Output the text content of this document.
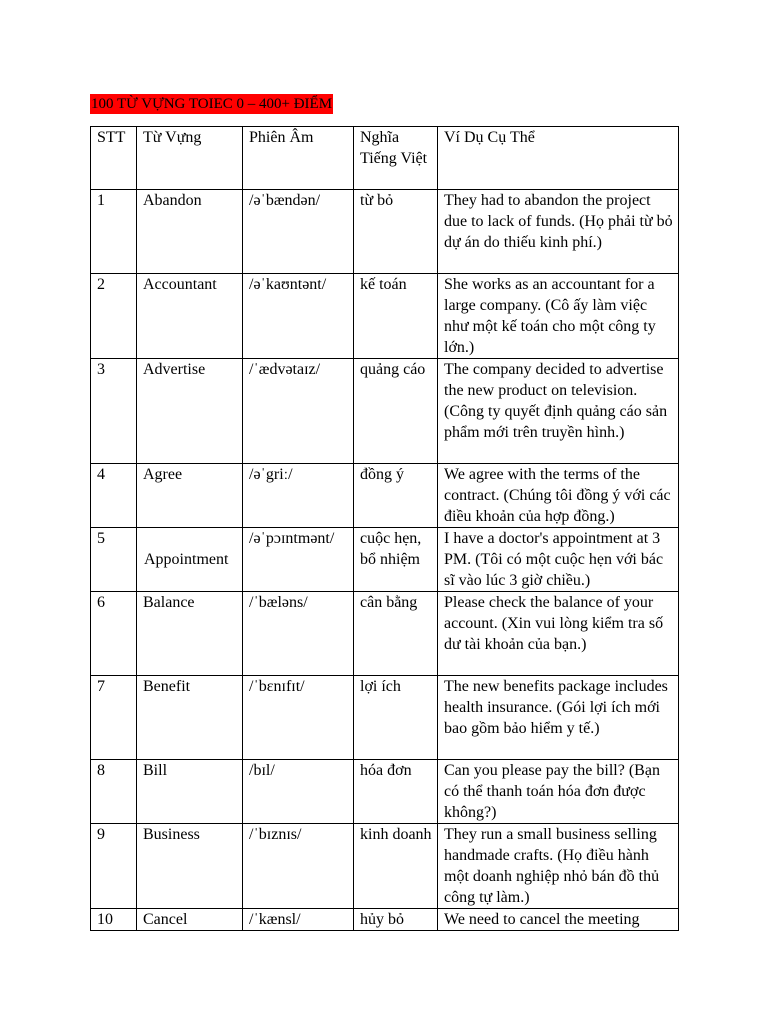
100 TỪ VỰNG TOIEC 0 – 400+ ĐIỂM
STT	Từ Vựng	Phiên Âm	Nghĩa Tiếng Việt	Ví Dụ Cụ Thể
1	Abandon	/əˈbændən/	từ bỏ	They had to abandon the project due to lack of funds. (Họ phải từ bỏ dự án do thiếu kinh phí.)
2	Accountant	/əˈkaʊntənt/	kế toán	She works as an accountant for a large company. (Cô ấy làm việc như một kế toán cho một công ty lớn.)
3	Advertise	/ˈædvətaɪz/	quảng cáo	The company decided to advertise the new product on television. (Công ty quyết định quảng cáo sản phẩm mới trên truyền hình.)
4	Agree	/əˈgriː/	đồng ý	We agree with the terms of the contract. (Chúng tôi đồng ý với các điều khoản của hợp đồng.)
5	Appointment	/əˈpɔɪntmənt/	cuộc hẹn, bổ nhiệm	I have a doctor's appointment at 3 PM. (Tôi có một cuộc hẹn với bác sĩ vào lúc 3 giờ chiều.)
6	Balance	/ˈbæləns/	cân bằng	Please check the balance of your account. (Xin vui lòng kiểm tra số dư tài khoản của bạn.)
7	Benefit	/ˈbɛnɪfɪt/	lợi ích	The new benefits package includes health insurance. (Gói lợi ích mới bao gồm bảo hiểm y tế.)
8	Bill	/bɪl/	hóa đơn	Can you please pay the bill? (Bạn có thể thanh toán hóa đơn được không?)
9	Business	/ˈbɪznɪs/	kinh doanh	They run a small business selling handmade crafts. (Họ điều hành một doanh nghiệp nhỏ bán đồ thủ công tự làm.)
10	Cancel	/ˈkænsl/	hủy bỏ	We need to cancel the meeting
